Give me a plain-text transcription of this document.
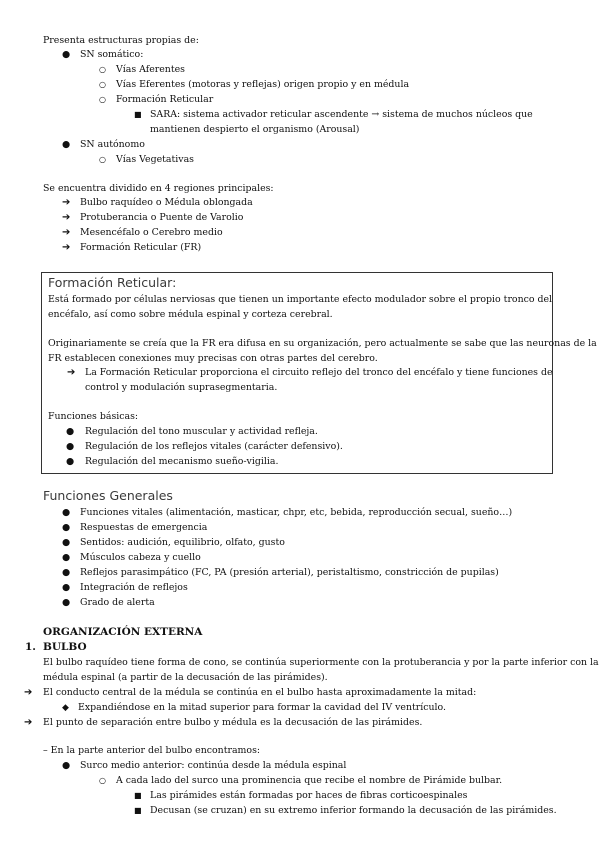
Presenta estructuras propias de:
● SN somático:
○ Vías Aferentes
○ Vías Eferentes (motoras y reflejas) origen propio y en médula
○ Formación Reticular
■ SARA: sistema activador reticular ascendente → sistema de muchos núcleos que
mantienen despierto el organismo (Arousal)
● SN autónomo
○ Vías Vegetativas
Se encuentra dividido en 4 regiones principales:
➔ Bulbo raquídeo o Médula oblongada
➔ Protuberancia o Puente de Varolio
➔ Mesencéfalo o Cerebro medio
➔ Formación Reticular (FR)
Formación Reticular:
Está formado por células nerviosas que tienen un importante efecto modulador sobre el propio tronco del
encéfalo, así como sobre médula espinal y corteza cerebral.
Originariamente se creía que la FR era difusa en su organización, pero actualmente se sabe que las neuronas de la
FR establecen conexiones muy precisas con otras partes del cerebro.
➔ La Formación Reticular proporciona el circuito reflejo del tronco del encéfalo y tiene funciones de
control y modulación suprasegmentaria.
Funciones básicas:
● Regulación del tono muscular y actividad refleja.
● Regulación de los reflejos vitales (carácter defensivo).
● Regulación del mecanismo sueño-vigilia.
Funciones Generales
● Funciones vitales (alimentación, masticar, chpr, etc, bebida, reproducción secual, sueño…)
● Respuestas de emergencia
● Sentidos: audición, equilibrio, olfato, gusto
● Músculos cabeza y cuello
● Reflejos parasimpático (FC, PA (presión arterial), peristaltismo, constricción de pupilas)
● Integración de reflejos
● Grado de alerta
ORGANIZACIÓN EXTERNA
1. BULBO
El bulbo raquídeo tiene forma de cono, se continúa superiormente con la protuberancia y por la parte inferior con la
médula espinal (a partir de la decusación de las pirámides).
➔ El conducto central de la médula se continúa en el bulbo hasta aproximadamente la mitad:
◆ Expandiéndose en la mitad superior para formar la cavidad del IV ventrículo.
➔ El punto de separación entre bulbo y médula es la decusación de las pirámides.
– En la parte anterior del bulbo encontramos:
● Surco medio anterior: continúa desde la médula espinal
○ A cada lado del surco una prominencia que recibe el nombre de Pirámide bulbar.
■ Las pirámides están formadas por haces de fibras corticoespinales
■ Decusan (se cruzan) en su extremo inferior formando la decusación de las pirámides.
